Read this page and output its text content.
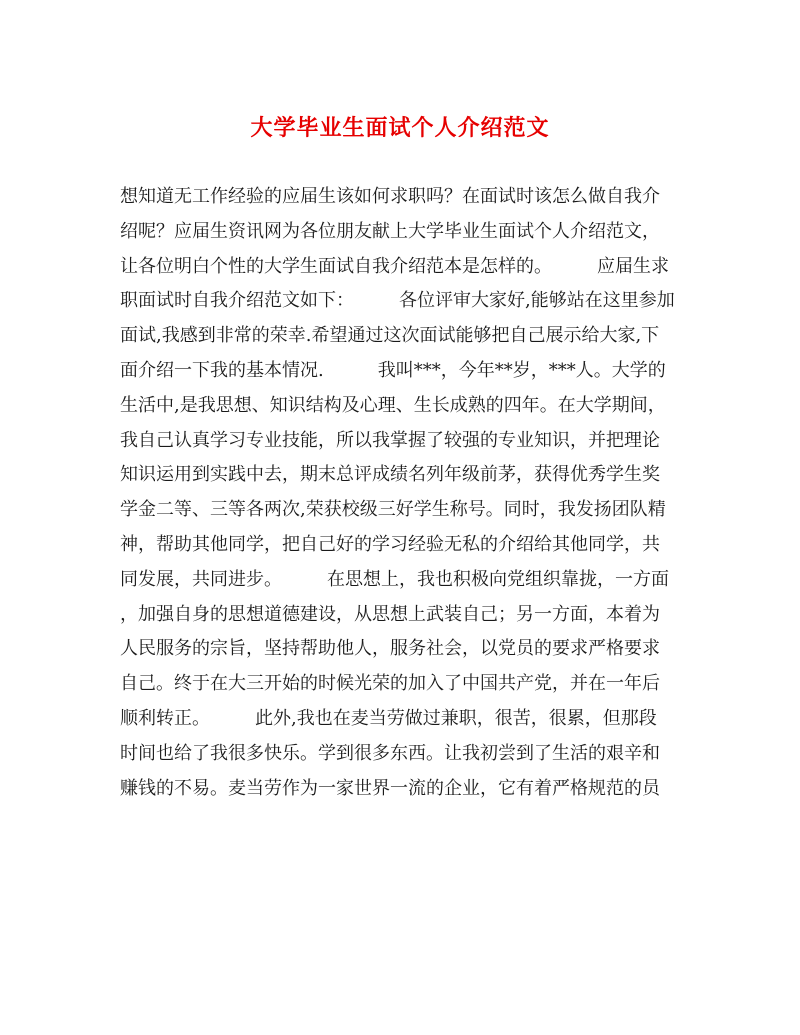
大学毕业生面试个人介绍范文
想知道无工作经验的应届生该如何求职吗？在面试时该怎么做自我介
绍呢？应届生资讯网为各位朋友献上大学毕业生面试个人介绍范文，
让各位明白个性的大学生面试自我介绍范本是怎样的。　　　应届生求
职面试时自我介绍范文如下：　　　各位评审大家好,能够站在这里参加
面试,我感到非常的荣幸.希望通过这次面试能够把自己展示给大家,下
面介绍一下我的基本情况.　　　我叫***，今年**岁，***人。大学的
生活中,是我思想、知识结构及心理、生长成熟的四年。在大学期间，
我自己认真学习专业技能，所以我掌握了较强的专业知识，并把理论
知识运用到实践中去，期末总评成绩名列年级前茅，获得优秀学生奖
学金二等、三等各两次,荣获校级三好学生称号。同时，我发扬团队精
神，帮助其他同学，把自己好的学习经验无私的介绍给其他同学，共
同发展，共同进步。　　　在思想上，我也积极向党组织靠拢，一方面
，加强自身的思想道德建设，从思想上武装自己；另一方面，本着为
人民服务的宗旨，坚持帮助他人，服务社会，以党员的要求严格要求
自己。终于在大三开始的时候光荣的加入了中国共产党，并在一年后
顺利转正。　　　此外,我也在麦当劳做过兼职，很苦，很累，但那段
时间也给了我很多快乐。学到很多东西。让我初尝到了生活的艰辛和
赚钱的不易。麦当劳作为一家世界一流的企业，它有着严格规范的员
